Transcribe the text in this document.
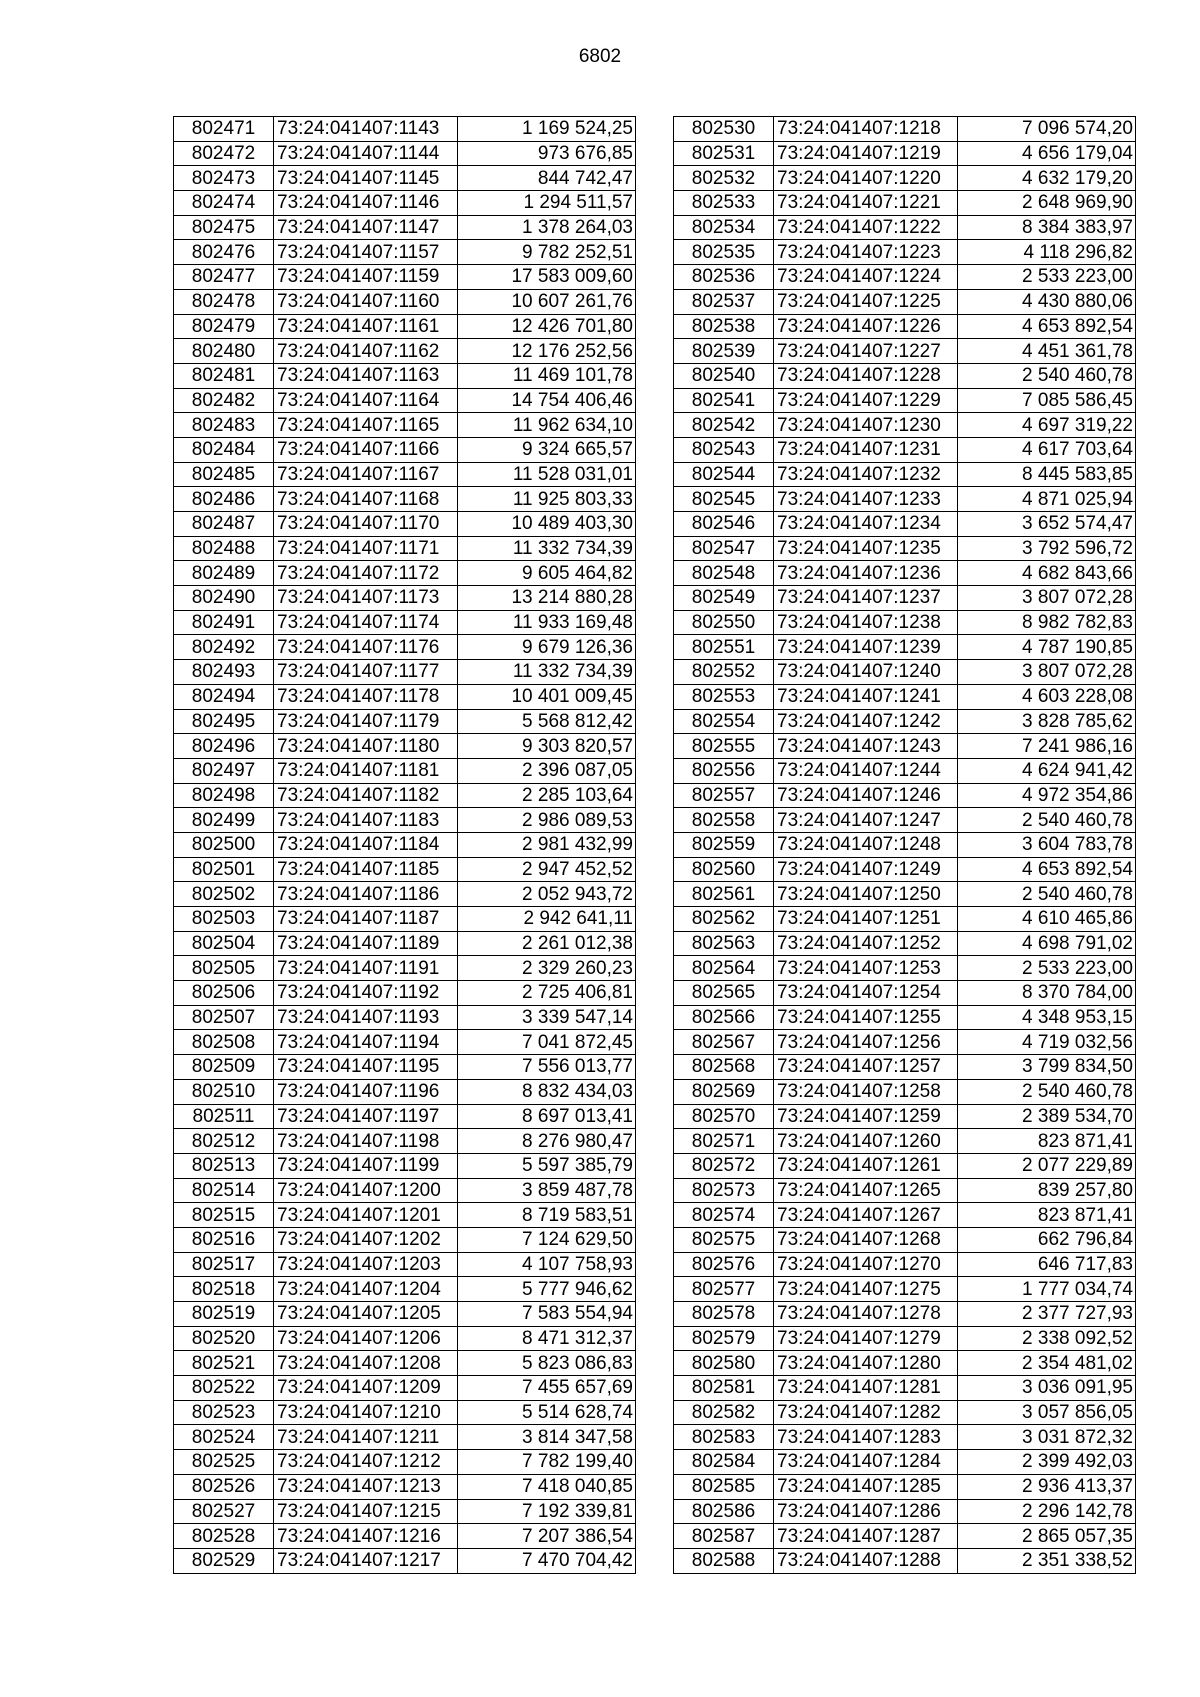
6802
802471	73:24:041407:1143	1 169 524,25
802472	73:24:041407:1144	973 676,85
802473	73:24:041407:1145	844 742,47
802474	73:24:041407:1146	1 294 511,57
802475	73:24:041407:1147	1 378 264,03
802476	73:24:041407:1157	9 782 252,51
802477	73:24:041407:1159	17 583 009,60
802478	73:24:041407:1160	10 607 261,76
802479	73:24:041407:1161	12 426 701,80
802480	73:24:041407:1162	12 176 252,56
802481	73:24:041407:1163	11 469 101,78
802482	73:24:041407:1164	14 754 406,46
802483	73:24:041407:1165	11 962 634,10
802484	73:24:041407:1166	9 324 665,57
802485	73:24:041407:1167	11 528 031,01
802486	73:24:041407:1168	11 925 803,33
802487	73:24:041407:1170	10 489 403,30
802488	73:24:041407:1171	11 332 734,39
802489	73:24:041407:1172	9 605 464,82
802490	73:24:041407:1173	13 214 880,28
802491	73:24:041407:1174	11 933 169,48
802492	73:24:041407:1176	9 679 126,36
802493	73:24:041407:1177	11 332 734,39
802494	73:24:041407:1178	10 401 009,45
802495	73:24:041407:1179	5 568 812,42
802496	73:24:041407:1180	9 303 820,57
802497	73:24:041407:1181	2 396 087,05
802498	73:24:041407:1182	2 285 103,64
802499	73:24:041407:1183	2 986 089,53
802500	73:24:041407:1184	2 981 432,99
802501	73:24:041407:1185	2 947 452,52
802502	73:24:041407:1186	2 052 943,72
802503	73:24:041407:1187	2 942 641,11
802504	73:24:041407:1189	2 261 012,38
802505	73:24:041407:1191	2 329 260,23
802506	73:24:041407:1192	2 725 406,81
802507	73:24:041407:1193	3 339 547,14
802508	73:24:041407:1194	7 041 872,45
802509	73:24:041407:1195	7 556 013,77
802510	73:24:041407:1196	8 832 434,03
802511	73:24:041407:1197	8 697 013,41
802512	73:24:041407:1198	8 276 980,47
802513	73:24:041407:1199	5 597 385,79
802514	73:24:041407:1200	3 859 487,78
802515	73:24:041407:1201	8 719 583,51
802516	73:24:041407:1202	7 124 629,50
802517	73:24:041407:1203	4 107 758,93
802518	73:24:041407:1204	5 777 946,62
802519	73:24:041407:1205	7 583 554,94
802520	73:24:041407:1206	8 471 312,37
802521	73:24:041407:1208	5 823 086,83
802522	73:24:041407:1209	7 455 657,69
802523	73:24:041407:1210	5 514 628,74
802524	73:24:041407:1211	3 814 347,58
802525	73:24:041407:1212	7 782 199,40
802526	73:24:041407:1213	7 418 040,85
802527	73:24:041407:1215	7 192 339,81
802528	73:24:041407:1216	7 207 386,54
802529	73:24:041407:1217	7 470 704,42
802530	73:24:041407:1218	7 096 574,20
802531	73:24:041407:1219	4 656 179,04
802532	73:24:041407:1220	4 632 179,20
802533	73:24:041407:1221	2 648 969,90
802534	73:24:041407:1222	8 384 383,97
802535	73:24:041407:1223	4 118 296,82
802536	73:24:041407:1224	2 533 223,00
802537	73:24:041407:1225	4 430 880,06
802538	73:24:041407:1226	4 653 892,54
802539	73:24:041407:1227	4 451 361,78
802540	73:24:041407:1228	2 540 460,78
802541	73:24:041407:1229	7 085 586,45
802542	73:24:041407:1230	4 697 319,22
802543	73:24:041407:1231	4 617 703,64
802544	73:24:041407:1232	8 445 583,85
802545	73:24:041407:1233	4 871 025,94
802546	73:24:041407:1234	3 652 574,47
802547	73:24:041407:1235	3 792 596,72
802548	73:24:041407:1236	4 682 843,66
802549	73:24:041407:1237	3 807 072,28
802550	73:24:041407:1238	8 982 782,83
802551	73:24:041407:1239	4 787 190,85
802552	73:24:041407:1240	3 807 072,28
802553	73:24:041407:1241	4 603 228,08
802554	73:24:041407:1242	3 828 785,62
802555	73:24:041407:1243	7 241 986,16
802556	73:24:041407:1244	4 624 941,42
802557	73:24:041407:1246	4 972 354,86
802558	73:24:041407:1247	2 540 460,78
802559	73:24:041407:1248	3 604 783,78
802560	73:24:041407:1249	4 653 892,54
802561	73:24:041407:1250	2 540 460,78
802562	73:24:041407:1251	4 610 465,86
802563	73:24:041407:1252	4 698 791,02
802564	73:24:041407:1253	2 533 223,00
802565	73:24:041407:1254	8 370 784,00
802566	73:24:041407:1255	4 348 953,15
802567	73:24:041407:1256	4 719 032,56
802568	73:24:041407:1257	3 799 834,50
802569	73:24:041407:1258	2 540 460,78
802570	73:24:041407:1259	2 389 534,70
802571	73:24:041407:1260	823 871,41
802572	73:24:041407:1261	2 077 229,89
802573	73:24:041407:1265	839 257,80
802574	73:24:041407:1267	823 871,41
802575	73:24:041407:1268	662 796,84
802576	73:24:041407:1270	646 717,83
802577	73:24:041407:1275	1 777 034,74
802578	73:24:041407:1278	2 377 727,93
802579	73:24:041407:1279	2 338 092,52
802580	73:24:041407:1280	2 354 481,02
802581	73:24:041407:1281	3 036 091,95
802582	73:24:041407:1282	3 057 856,05
802583	73:24:041407:1283	3 031 872,32
802584	73:24:041407:1284	2 399 492,03
802585	73:24:041407:1285	2 936 413,37
802586	73:24:041407:1286	2 296 142,78
802587	73:24:041407:1287	2 865 057,35
802588	73:24:041407:1288	2 351 338,52
